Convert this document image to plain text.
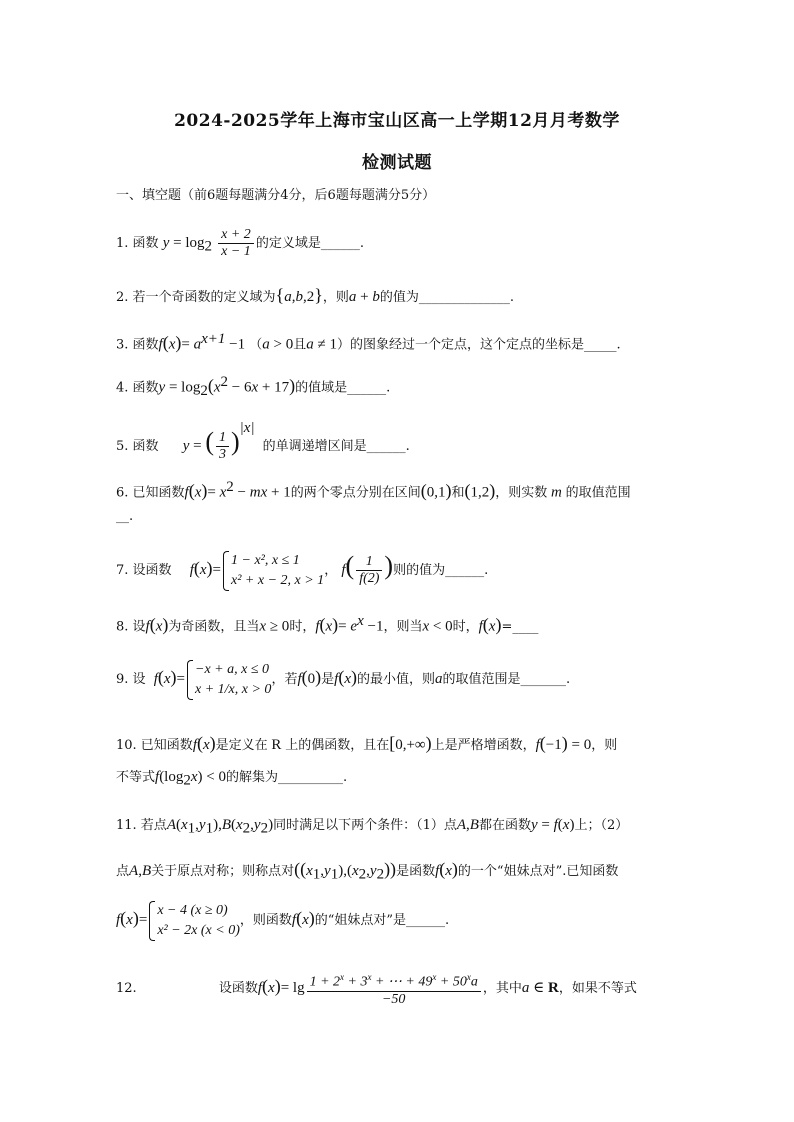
2024-2025学年上海市宝山区高一上学期12月月考数学
检测试题
一、填空题（前6题每题满分4分，后6题每题满分5分）
1. 函数 $y = \log_2 \frac{x + 2}{x - 1}$ 的定义域是______.
2. 若一个奇函数的定义域为{a,b,2}，则a + b的值为______________.
3. 函数$f(x)= a^{x+1} -1$ （a > 0且a ≠ 1）的图象经过一个定点，这个定点的坐标是_____.
4. 函数$y = \log_2(x^2 - 6x + 17)$的值域是______.
5. 函数 y = ( $\frac{1}{3} )^{|x|}$的单调递增区间是______.
6. 已知函数$f(x)= x^2$ − mx + 1的两个零点分别在区间(0,1)和(1,2)，则实数 m 的取值范围
__.
7. 设函数 f(x)=
1 − x², x ≤ 1
x² + x − 2, x > 1
， $f( \frac{1}{f(2)}$ )则的值为______.
8. 设f(x)为奇函数，且当x ≥ 0时，$f(x)= e^x -1$，则当x < 0时，f(x)=____
9. 设 f(x)=
−x + a, x ≤ 0
x + 1/x, x > 0
，若f(0)是f(x)的最小值，则a的取值范围是_______.
10. 已知函数f(x)是定义在 R 上的偶函数，且在[0,+∞)上是严格增函数，f(−1) = 0，则
不等式$f(\log_2x) < 0$的解集为__________.
11. 若点$A(x_1,y_1),B(x_2,y_2)$同时满足以下两个条件：（1）点A,B都在函数y = f(x)上；（2）
点A,B关于原点对称；则称点对$((x_1,y_1),(x_2,y_2))$是函数f(x)的一个“姐妹点对”.已知函数
f(x)=
x − 4 (x ≥ 0)
x² − 2x (x < 0)
，则函数f(x)的“姐妹点对”是______.
12.	设函数$f(x)= \lg \frac{1 + 2^x + 3^x + \cdots + 49^x + 50^xa}{-50}$ ，其中a ∈ R，如果不等式
